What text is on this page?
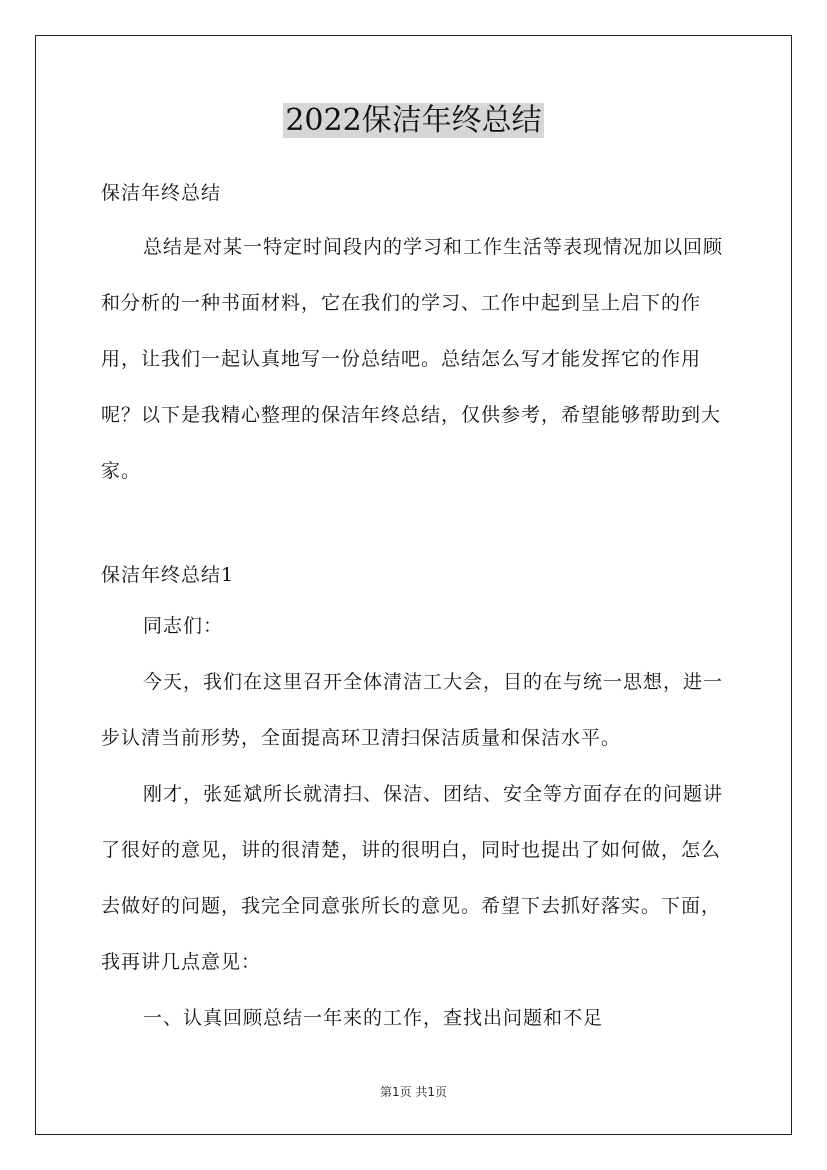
2022保洁年终总结
保洁年终总结

总结是对某一特定时间段内的学习和工作生活等表现情况加以回顾和分析的一种书面材料，它在我们的学习、工作中起到呈上启下的作用，让我们一起认真地写一份总结吧。总结怎么写才能发挥它的作用呢？以下是我精心整理的保洁年终总结，仅供参考，希望能够帮助到大家。

保洁年终总结1

同志们：

今天，我们在这里召开全体清洁工大会，目的在与统一思想，进一步认清当前形势，全面提高环卫清扫保洁质量和保洁水平。

刚才，张延斌所长就清扫、保洁、团结、安全等方面存在的问题讲了很好的意见，讲的很清楚，讲的很明白，同时也提出了如何做，怎么去做好的问题，我完全同意张所长的意见。希望下去抓好落实。下面，我再讲几点意见：

一、认真回顾总结一年来的工作，查找出问题和不足

第1页 共1页
